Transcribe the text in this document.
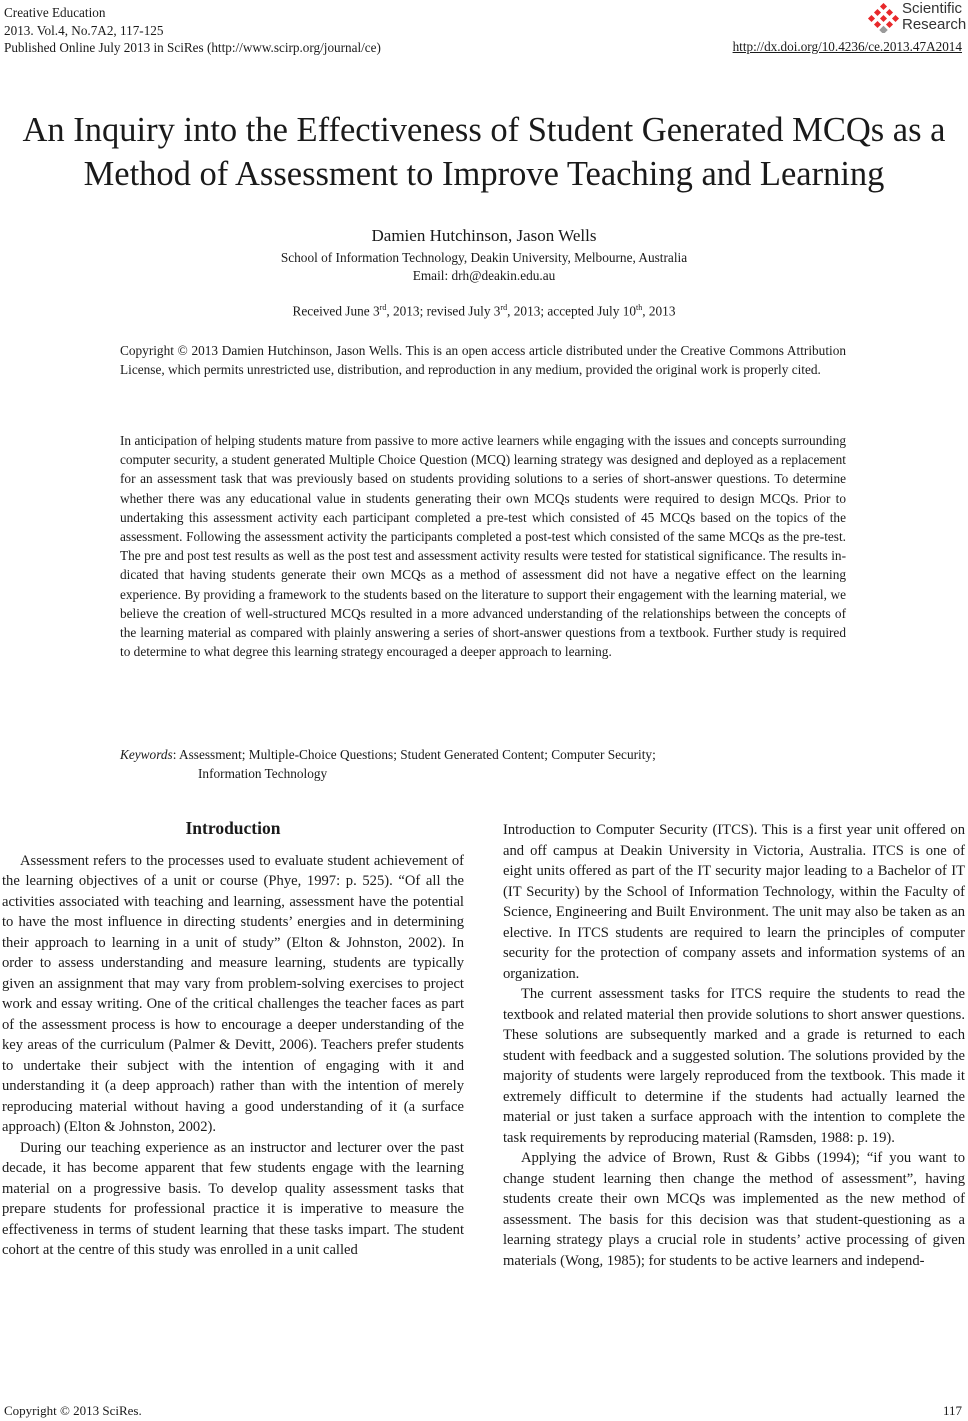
Creative Education
2013. Vol.4, No.7A2, 117-125
Published Online July 2013 in SciRes (http://www.scirp.org/journal/ce)
Scientific
Research
http://dx.doi.org/10.4236/ce.2013.47A2014
An Inquiry into the Effectiveness of Student Generated MCQs as a
Method of Assessment to Improve Teaching and Learning
Damien Hutchinson, Jason Wells
School of Information Technology, Deakin University, Melbourne, Australia
Email: drh@deakin.edu.au
Received June 3rd, 2013; revised July 3rd, 2013; accepted July 10th, 2013
Copyright © 2013 Damien Hutchinson, Jason Wells. This is an open access article distributed under the Creative Commons Attribution License, which permits unrestricted use, distribution, and reproduction in any medium, provided the original work is properly cited.
In anticipation of helping students mature from passive to more active learners while engaging with the issues and concepts surrounding computer security, a student generated Multiple Choice Question (MCQ) learning strategy was designed and deployed as a replacement for an assessment task that was previously based on students providing solutions to a series of short-answer questions. To determine whether there was any educational value in students generating their own MCQs students were required to design MCQs. Prior to undertaking this assessment activity each participant completed a pre-test which consisted of 45 MCQs based on the topics of the assessment. Following the assessment activity the participants completed a post-test which consisted of the same MCQs as the pre-test. The pre and post test results as well as the post test and assessment activity results were tested for statistical significance. The results indicated that having students generate their own MCQs as a method of assessment did not have a negative effect on the learning experience. By providing a framework to the students based on the literature to support their engagement with the learning material, we believe the creation of well-structured MCQs resulted in a more advanced understanding of the relationships between the concepts of the learning material as compared with plainly answering a series of short-answer questions from a textbook. Further study is required to determine to what degree this learning strategy encouraged a deeper approach to learning.
Keywords: Assessment; Multiple-Choice Questions; Student Generated Content; Computer Security;
Information Technology
Introduction

Assessment refers to the processes used to evaluate student achievement of the learning objectives of a unit or course (Phye, 1997: p. 525). “Of all the activities associated with teaching and learning, assessment have the potential to have the most influence in directing students’ energies and in determining their approach to learning in a unit of study” (Elton & Johnston, 2002). In order to assess understanding and measure learning, students are typically given an assignment that may vary from problem-solving exercises to project work and essay writing. One of the critical challenges the teacher faces as part of the assessment process is how to encourage a deeper understanding of the key areas of the curriculum (Palmer & Devitt, 2006). Teachers prefer students to undertake their subject with the intention of engaging with it and understanding it (a deep approach) rather than with the intention of merely reproducing material without having a good understanding of it (a surface approach) (Elton & Johnston, 2002).

During our teaching experience as an instructor and lecturer over the past decade, it has become apparent that few students engage with the learning material on a progressive basis. To develop quality assessment tasks that prepare students for professional practice it is imperative to measure the effectiveness in terms of student learning that these tasks impart. The student cohort at the centre of this study was enrolled in a unit called

Introduction to Computer Security (ITCS). This is a first year unit offered on and off campus at Deakin University in Victoria, Australia. ITCS is one of eight units offered as part of the IT security major leading to a Bachelor of IT (IT Security) by the School of Information Technology, within the Faculty of Science, Engineering and Built Environment. The unit may also be taken as an elective. In ITCS students are required to learn the principles of computer security for the protection of company assets and information systems of an organization.

The current assessment tasks for ITCS require the students to read the textbook and related material then provide solutions to short answer questions. These solutions are subsequently marked and a grade is returned to each student with feedback and a suggested solution. The solutions provided by the majority of students were largely reproduced from the textbook. This made it extremely difficult to determine if the students had actually learned the material or just taken a surface approach with the intention to complete the task requirements by reproducing material (Ramsden, 1988: p. 19).

Applying the advice of Brown, Rust & Gibbs (1994); “if you want to change student learning then change the method of assessment”, having students create their own MCQs was implemented as the new method of assessment. The basis for this decision was that student-questioning as a learning strategy plays a crucial role in students’ active processing of given materials (Wong, 1985); for students to be active learners and independ-

Copyright © 2013 SciRes.	117
